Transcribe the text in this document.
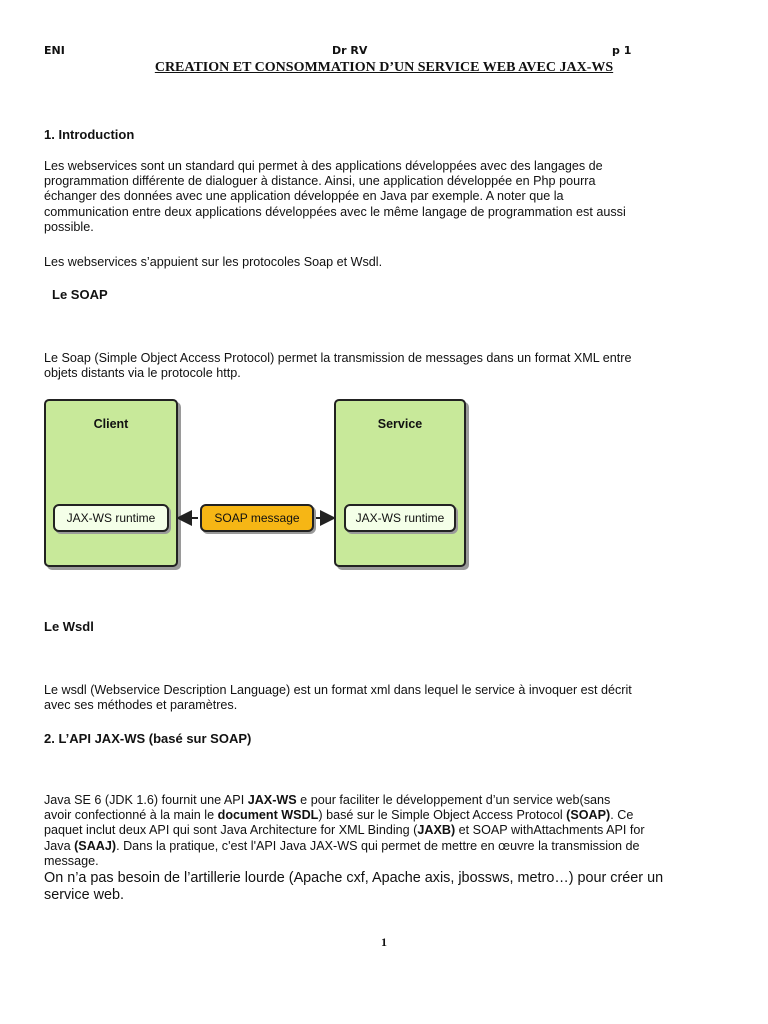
ENI	Dr RV	p 1
CREATION ET CONSOMMATION D’UN SERVICE WEB AVEC JAX-WS
1. Introduction
Les webservices sont un standard qui permet à des applications développées avec des langages de
programmation différente de dialoguer à distance. Ainsi, une application développée en Php pourra
échanger des données avec une application développée en Java par exemple. A noter que la
communication entre deux applications développées avec le même langage de programmation est aussi
possible.
Les webservices s’appuient sur les protocoles Soap et Wsdl.
Le SOAP
Le Soap (Simple Object Access Protocol) permet la transmission de messages dans un format XML entre
objets distants via le protocole http.
Client
JAX-WS runtime
Service
JAX-WS runtime
SOAP message
Le Wsdl
Le wsdl (Webservice Description Language) est un format xml dans lequel le service à invoquer est décrit
avec ses méthodes et paramètres.
2. L’API JAX-WS (basé sur SOAP)
Java SE 6 (JDK 1.6) fournit une API JAX-WS e pour faciliter le développement d’un service web(sans
avoir confectionné à la main le document WSDL) basé sur le Simple Object Access Protocol (SOAP). Ce
paquet inclut deux API qui sont Java Architecture for XML Binding (JAXB) et SOAP withAttachments API for
Java (SAAJ). Dans la pratique, c'est l'API Java JAX-WS qui permet de mettre en œuvre la transmission de
message.
On n’a pas besoin de l’artillerie lourde (Apache cxf, Apache axis, jbossws, metro…) pour créer un
service web.
1
